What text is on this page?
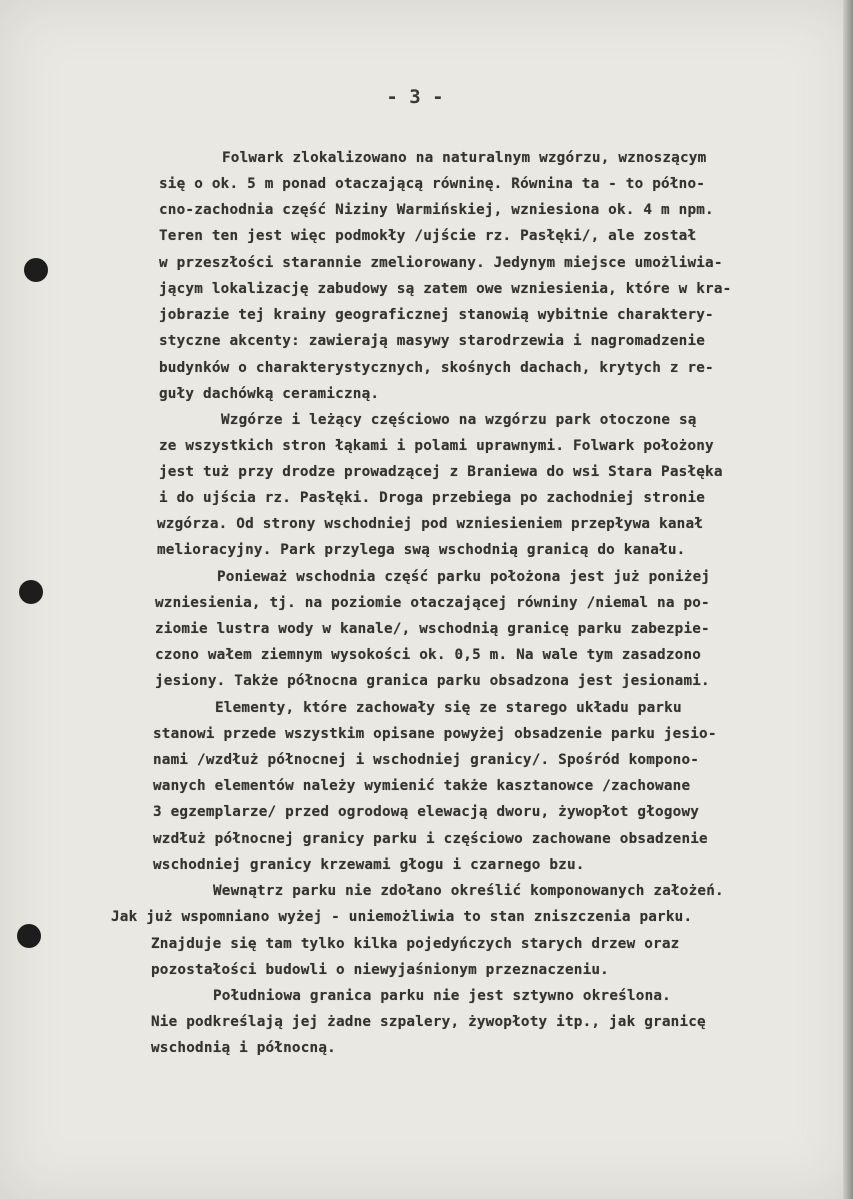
- 3 -
Folwark zlokalizowano na naturalnym wzgórzu, wznoszącym
się o ok. 5 m ponad otaczającą równinę. Równina ta - to półno-
cno-zachodnia część Niziny Warmińskiej, wzniesiona ok. 4 m npm.
Teren ten jest więc podmokły /ujście rz. Pasłęki/, ale został
w przeszłości starannie zmeliorowany. Jedynym miejsce umożliwia-
jącym lokalizację zabudowy są zatem owe wzniesienia, które w kra-
jobrazie tej krainy geograficznej stanowią wybitnie charaktery-
styczne akcenty: zawierają masywy starodrzewia i nagromadzenie
budynków o charakterystycznych, skośnych dachach, krytych z re-
guły dachówką ceramiczną.
Wzgórze i leżący częściowo na wzgórzu park otoczone są
ze wszystkich stron łąkami i polami uprawnymi. Folwark położony
jest tuż przy drodze prowadzącej z Braniewa do wsi Stara Pasłęka
i do ujścia rz. Pasłęki. Droga przebiega po zachodniej stronie
wzgórza. Od strony wschodniej pod wzniesieniem przepływa kanał
melioracyjny. Park przylega swą wschodnią granicą do kanału.
Ponieważ wschodnia część parku położona jest już poniżej
wzniesienia, tj. na poziomie otaczającej równiny /niemal na po-
ziomie lustra wody w kanale/, wschodnią granicę parku zabezpie-
czono wałem ziemnym wysokości ok. 0,5 m. Na wale tym zasadzono
jesiony. Także północna granica parku obsadzona jest jesionami.
Elementy, które zachowały się ze starego układu parku
stanowi przede wszystkim opisane powyżej obsadzenie parku jesio-
nami /wzdłuż północnej i wschodniej granicy/. Spośród kompono-
wanych elementów należy wymienić także kasztanowce /zachowane
3 egzemplarze/ przed ogrodową elewacją dworu, żywopłot głogowy
wzdłuż północnej granicy parku i częściowo zachowane obsadzenie
wschodniej granicy krzewami głogu i czarnego bzu.
Wewnątrz parku nie zdołano określić komponowanych założeń.
Jak już wspomniano wyżej - uniemożliwia to stan zniszczenia parku.
Znajduje się tam tylko kilka pojedyńczych starych drzew oraz
pozostałości budowli o niewyjaśnionym przeznaczeniu.
Południowa granica parku nie jest sztywno określona.
Nie podkreślają jej żadne szpalery, żywopłoty itp., jak granicę
wschodnią i północną.
